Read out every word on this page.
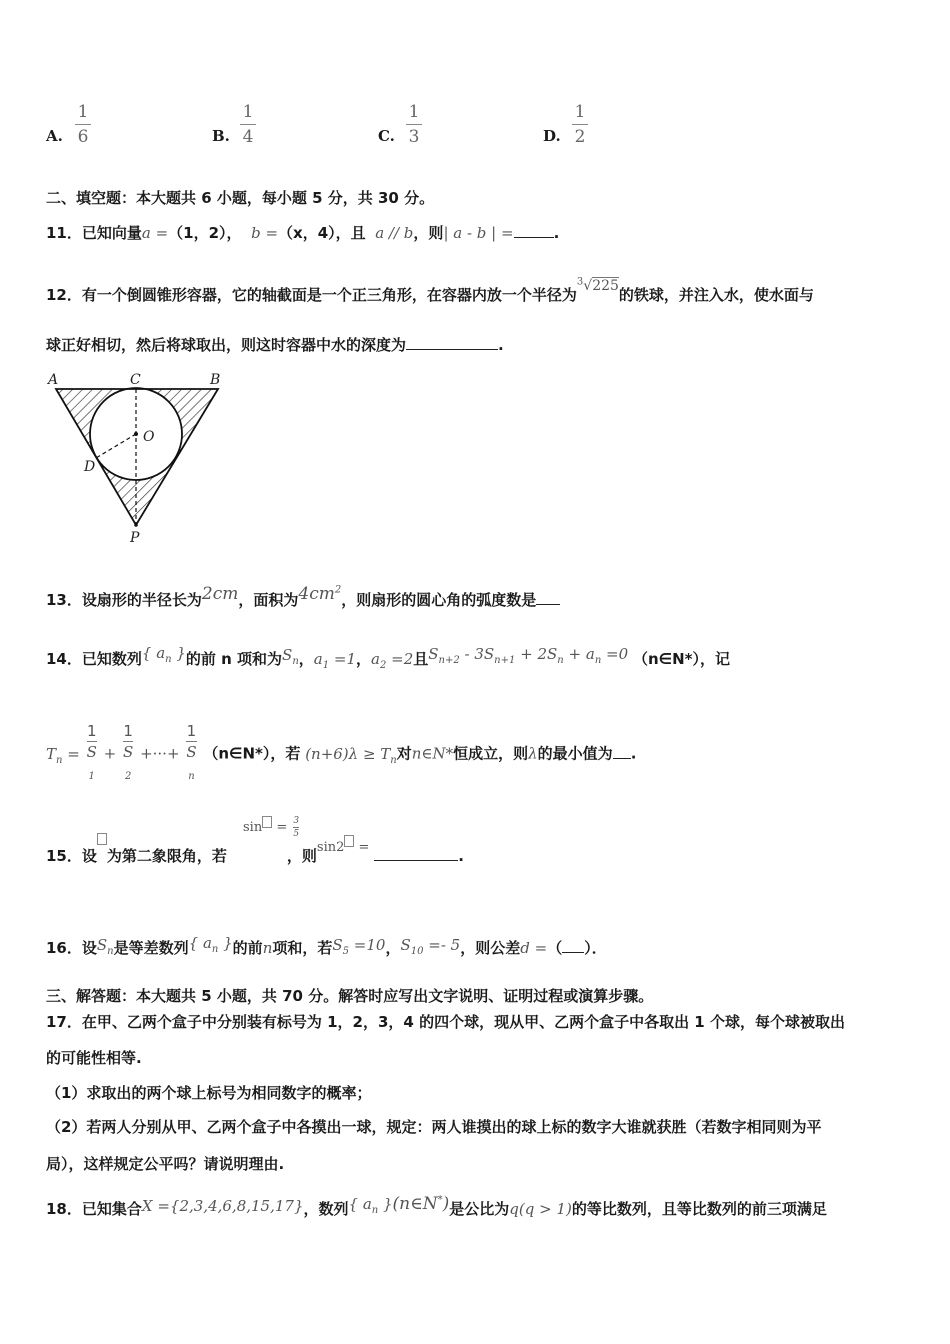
A.
1
6	B.
1
4	C.
1
3	D.
1
2
二、填空题：本大题共 6 小题，每小题 5 分，共 30 分。
11．已知向量a =（1，2）， b =（x，4），且 a // b，则| a - b | =	.
12．有一个倒圆锥形容器，它的轴截面是一个正三角形，在容器内放一个半径为$^3$√225的铁球，并注入水，使水面与
球正好相切，然后将球取出，则这时容器中水的深度为	.
A	C	B
O
D
P
13．设扇形的半径长为2cm，面积为$4cm^2$，则扇形的圆心角的弧度数是
14．已知数列{ $a_n$ }的前 n 项和为$S_n$，$a_1 =1$，$a_2 =2$且$S_{n+2} - 3S_{n+1} + 2S_n + a_n =0$ （n∈N*），记
$T_n = 1$
S
$_1$ + 1
S
$_2$ +···+ 1
S
$_n$ （n∈N*），若 $(n+6)\lambda \ge T_n$对n∈N*恒成立，则λ的最小值为 .
15．设 为第二象限角，若	，则sin2 =	.
$\sin = \frac{3}{5}$
16．设$S_n$是等差数列{ $a_n$ }的前n项和，若$S_5 =10$，$S_{10} =- 5$，则公差d =（ ）．
三、解答题：本大题共 5 小题，共 70 分。解答时应写出文字说明、证明过程或演算步骤。
17．在甲、乙两个盒子中分别装有标号为 1，2，3，4 的四个球，现从甲、乙两个盒子中各取出 1 个球，每个球被取出
的可能性相等.
（1）求取出的两个球上标号为相同数字的概率；
（2）若两人分别从甲、乙两个盒子中各摸出一球，规定：两人谁摸出的球上标的数字大谁就获胜（若数字相同则为平
局），这样规定公平吗？请说明理由.
18．已知集合X ={2,3,4,6,8,15,17}，数列{ $a_n$ }(n∈N*)是公比为q(q > 1)的等比数列，且等比数列的前三项满足
